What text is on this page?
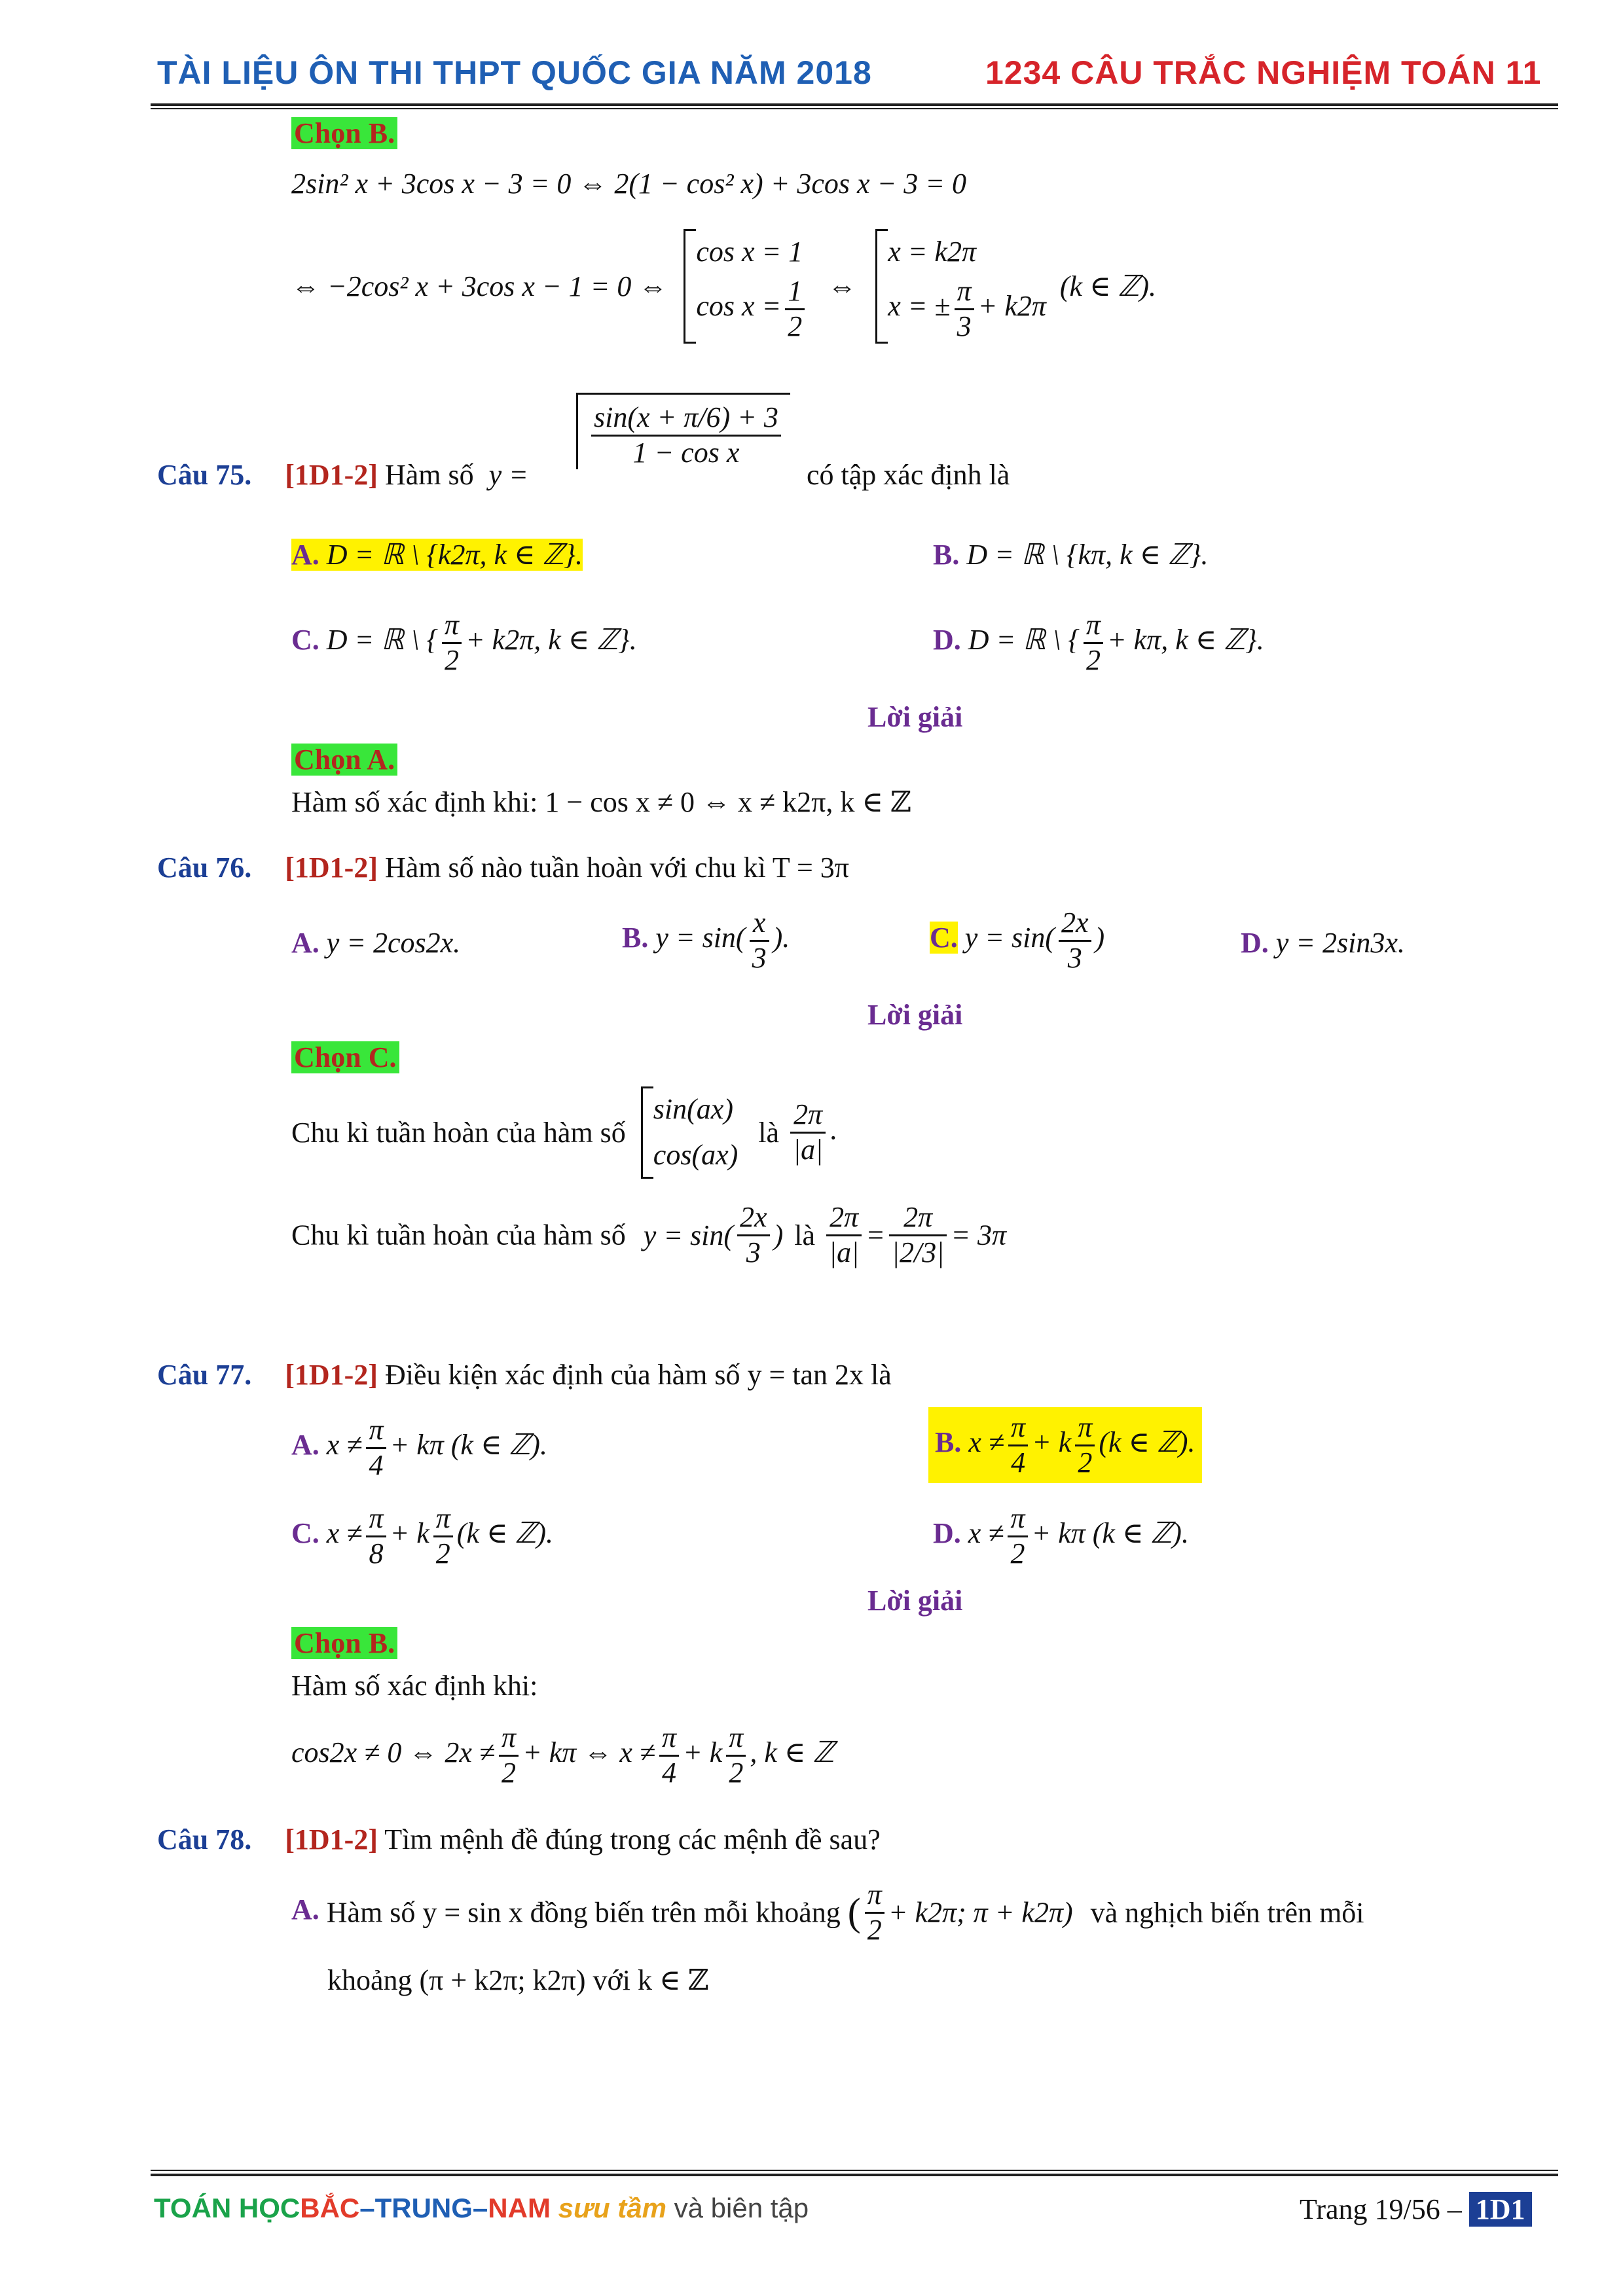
TÀI LIỆU ÔN THI THPT QUỐC GIA NĂM 2018	1234 CÂU TRẮC NGHIỆM TOÁN 11
Chọn B.
2sin² x + 3cos x − 3 = 0 ⇔ 2(1 − cos² x) + 3cos x − 3 = 0
⇔ −2cos² x + 3cos x − 1 = 0 ⇔
cos x = 1
$\cos x = \frac{1}{2}$ ⇔
x = k2π
x = ± $\frac{\pi}{3} + k2\pi$
(k ∈ ℤ).
Câu 75. [1D1-2] Hàm số y =
$\frac{\sin(x + \pi/6) + 3}{\text{1 − cos x}}$
có tập xác định là
A. D = ℝ \ {k2π, k ∈ ℤ}.	B. D = ℝ \ {kπ, k ∈ ℤ}.
C. D = ℝ \ { $\frac{\pi}{2} + k2\pi$, k ∈ ℤ}.	D. D = ℝ \ { $\frac{\pi}{2} + k\pi$, k ∈ ℤ}.
Lời giải
Chọn A.
Hàm số xác định khi: 1 − cos x ≠ 0 ⇔ x ≠ k2π, k ∈ ℤ
Câu 76. [1D1-2] Hàm số nào tuần hoàn với chu kì T = 3π
A. y = 2cos2x.	B. $y = \sin( \frac{x}{3}$ ).	C. $y = \sin( \frac{2x}{3}$ )	D. y = 2sin3x.
Lời giải
Chọn C.
Chu kì tuần hoàn của hàm số
sin(ax)
cos(ax)
là $\frac{2\pi}{|a|}$ .
Chu kì tuần hoàn của hàm số $y = \sin( \frac{2x}{3}$ ) là $\frac{2\pi}{|a|} = \frac{2\pi}{|2/3|} = 3\pi$
Câu 77. [1D1-2] Điều kiện xác định của hàm số y = tan 2x là
A. $x \ne \frac{\pi}{4} + k\pi$ (k ∈ ℤ).	B. $x \ne \frac{\pi}{4} + k \frac{\pi}{2} (k$ ∈ ℤ).
C. $x \ne \frac{\pi}{8} + k \frac{\pi}{2} (k$ ∈ ℤ).	D. $x \ne \frac{\pi}{2} + k\pi$ (k ∈ ℤ).
Lời giải
Chọn B.
Hàm số xác định khi:
cos2x ≠ 0 ⇔ $2x \ne \frac{\pi}{2} + k\pi$ ⇔ $x \ne \frac{\pi}{4} + k \frac{\pi}{2}$ , k ∈ ℤ
Câu 78. [1D1-2] Tìm mệnh đề đúng trong các mệnh đề sau?
A. Hàm số y = sin x đồng biến trên mỗi khoảng ( $\frac{\pi}{2} + k2\pi$; π + k2π) và nghịch biến trên mỗi
khoảng (π + k2π; k2π) với k ∈ ℤ
TOÁN HỌCBẮC–TRUNG–NAM sưu tầm và biên tập	Trang 19/56 – 1D1
